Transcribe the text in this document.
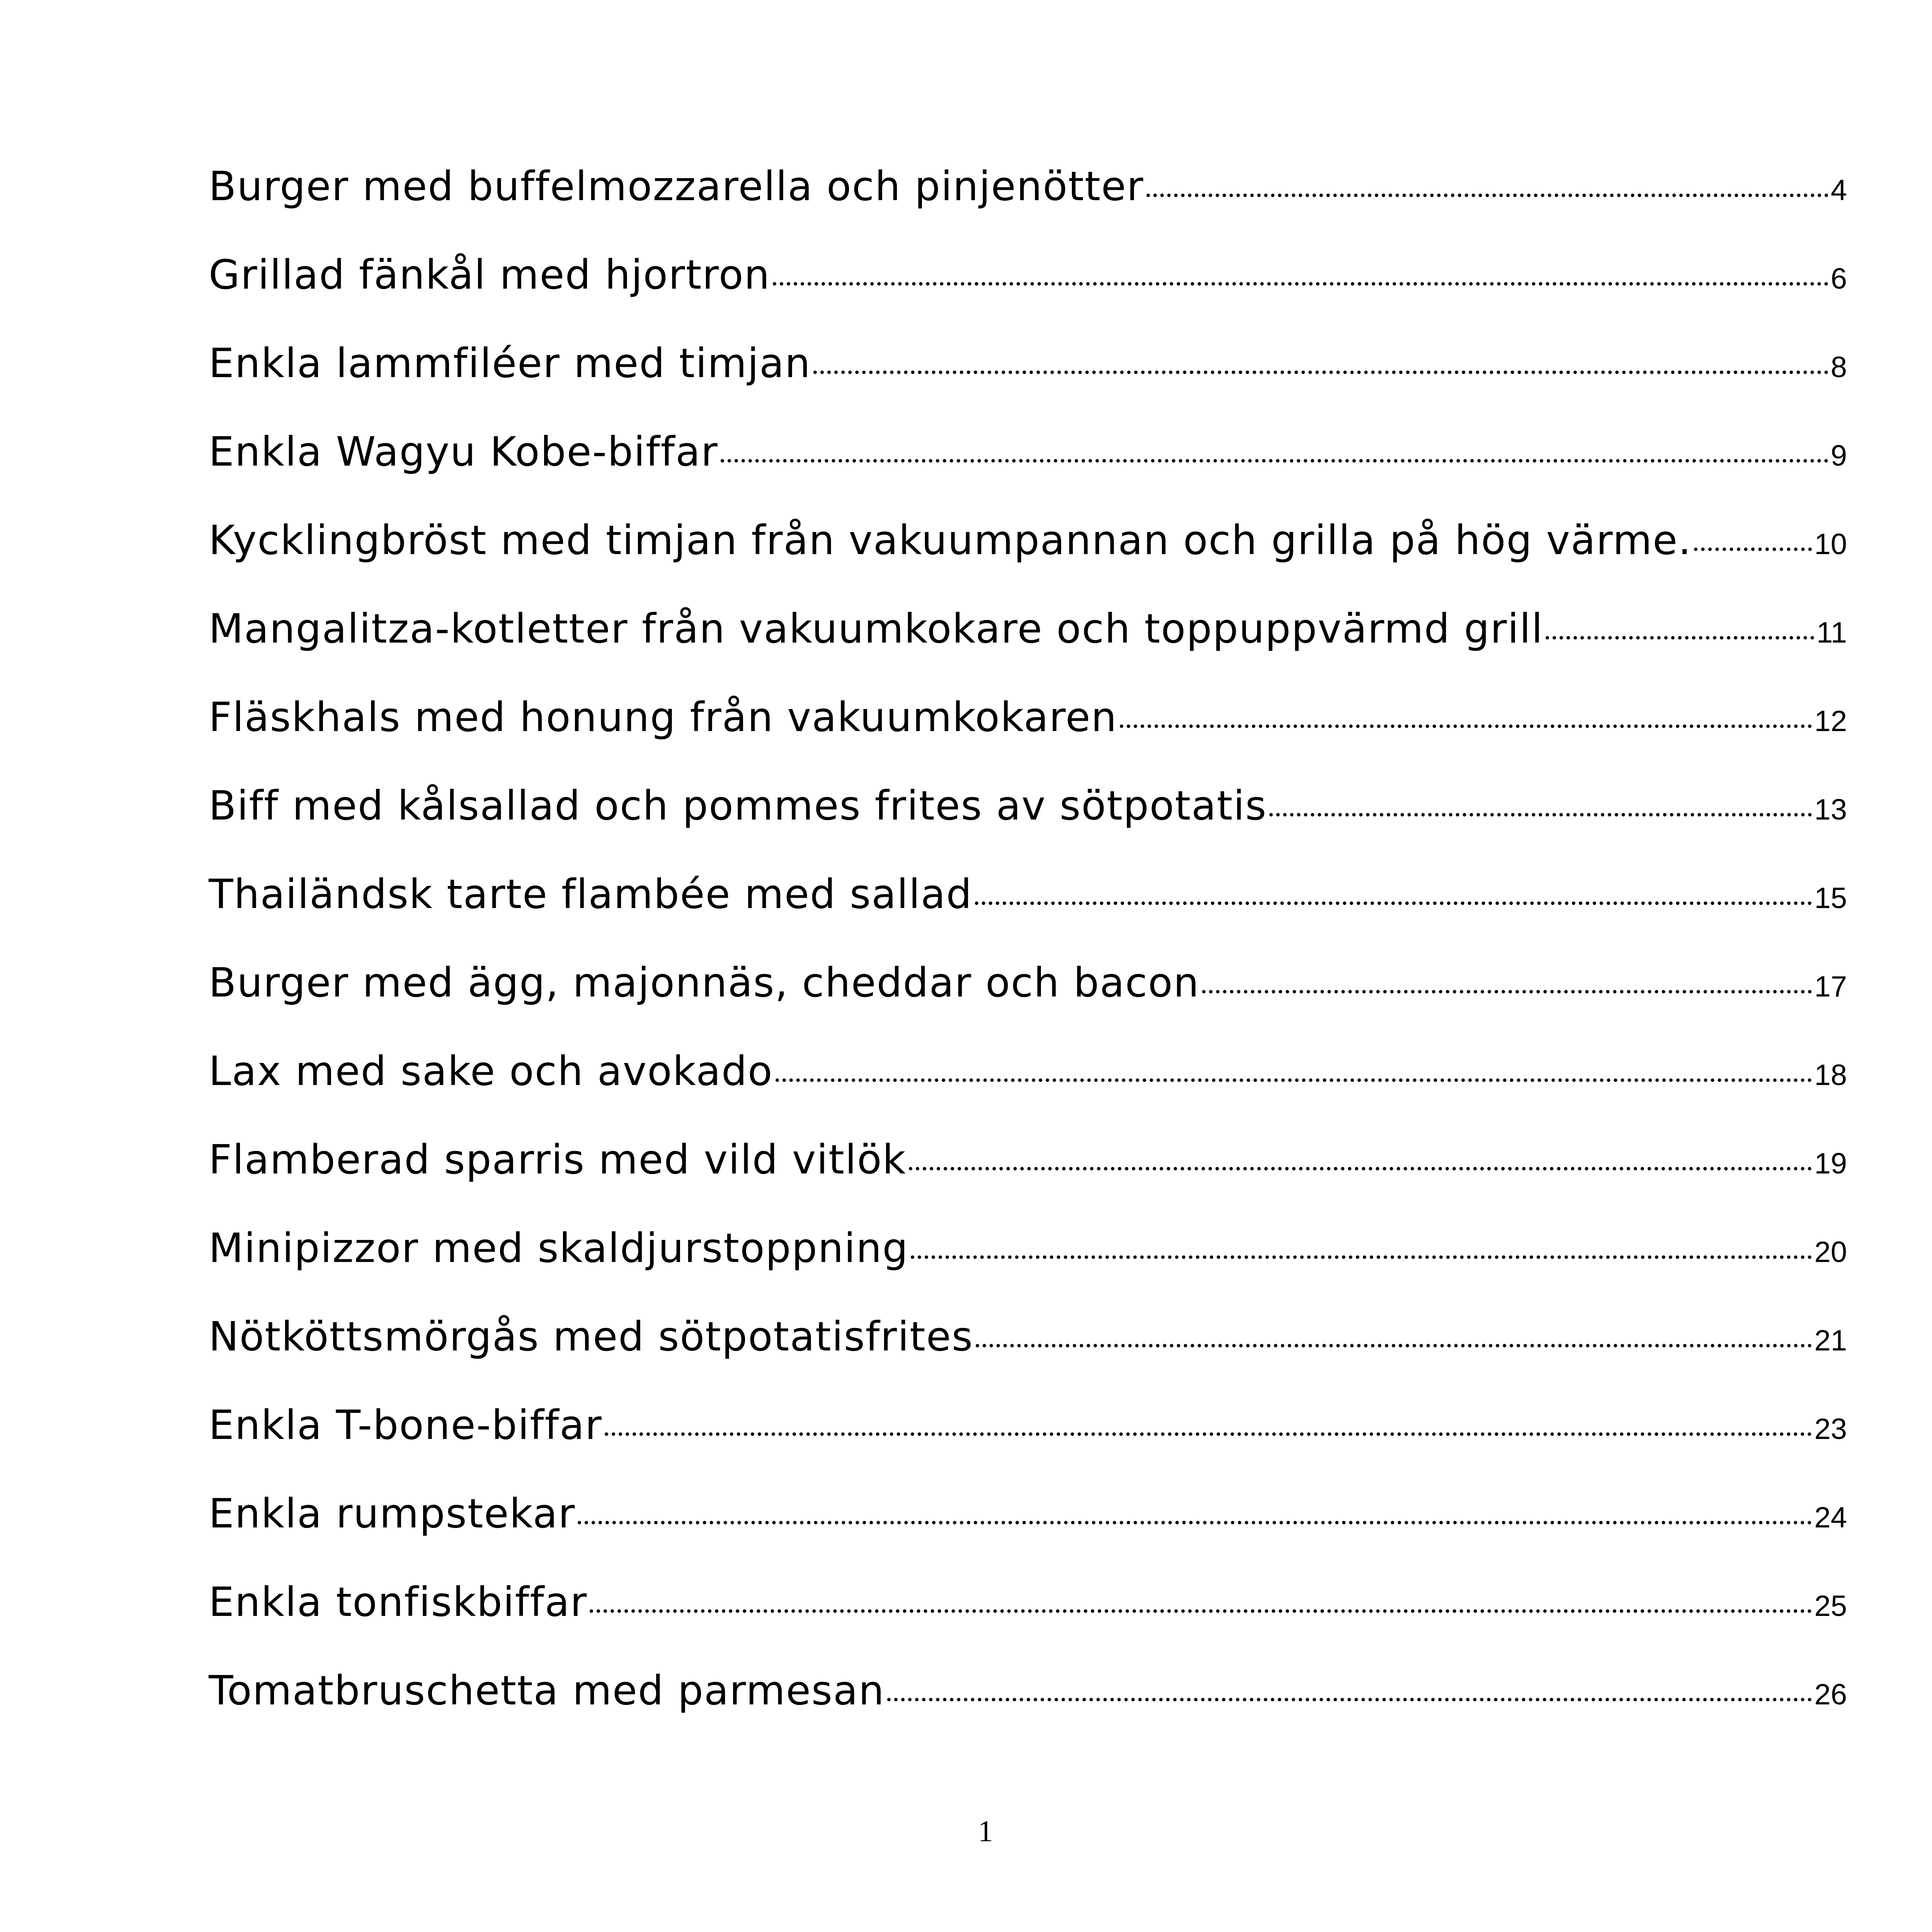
Burger med buffelmozzarella och pinjenötter	4
Grillad fänkål med hjortron	6
Enkla lammfiléer med timjan	8
Enkla Wagyu Kobe-biffar	9
Kycklingbröst med timjan från vakuumpannan och grilla på hög värme.	10
Mangalitza-kotletter från vakuumkokare och toppuppvärmd grill	11
Fläskhals med honung från vakuumkokaren	12
Biff med kålsallad och pommes frites av sötpotatis	13
Thailändsk tarte flambée med sallad	15
Burger med ägg, majonnäs, cheddar och bacon	17
Lax med sake och avokado	18
Flamberad sparris med vild vitlök	19
Minipizzor med skaldjurstoppning	20
Nötköttsmörgås med sötpotatisfrites	21
Enkla T-bone-biffar	23
Enkla rumpstekar	24
Enkla tonfiskbiffar	25
Tomatbruschetta med parmesan	26
1
